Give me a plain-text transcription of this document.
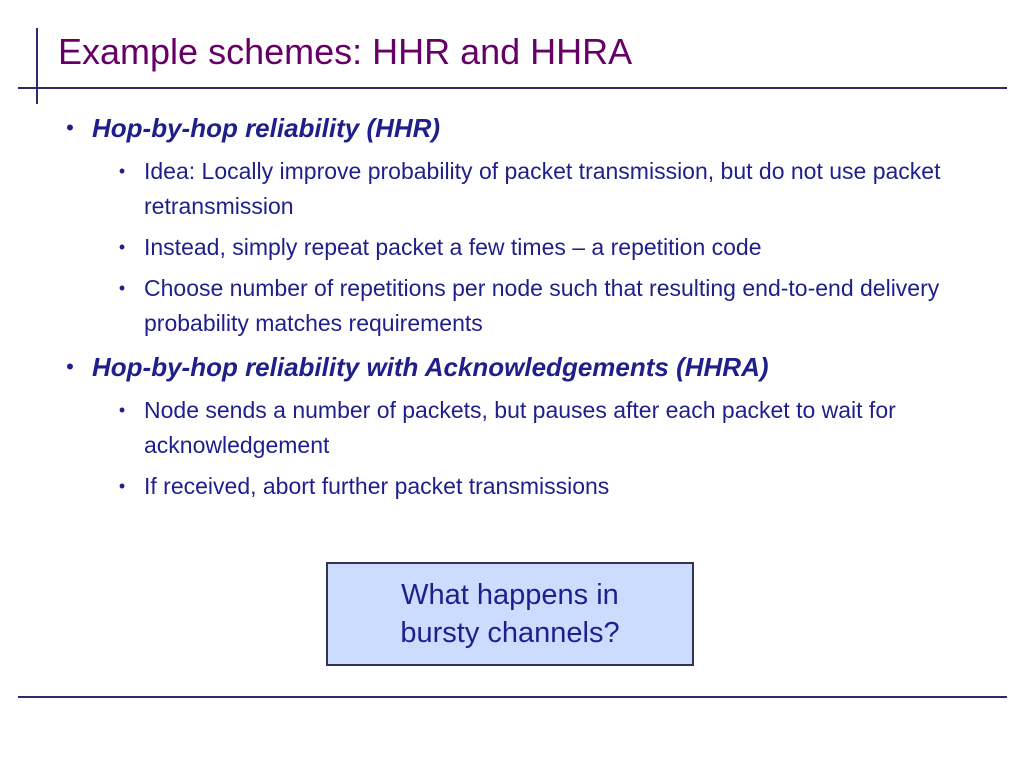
Example schemes: HHR and HHRA
• Hop-by-hop reliability (HHR)
• Idea: Locally improve probability of packet transmission, but do not use packet retransmission
• Instead, simply repeat packet a few times – a repetition code
• Choose number of repetitions per node such that resulting end-to-end delivery probability matches requirements
• Hop-by-hop reliability with Acknowledgements (HHRA)
• Node sends a number of packets, but pauses after each packet to wait for acknowledgement
• If received, abort further packet transmissions
What happens in bursty channels?
